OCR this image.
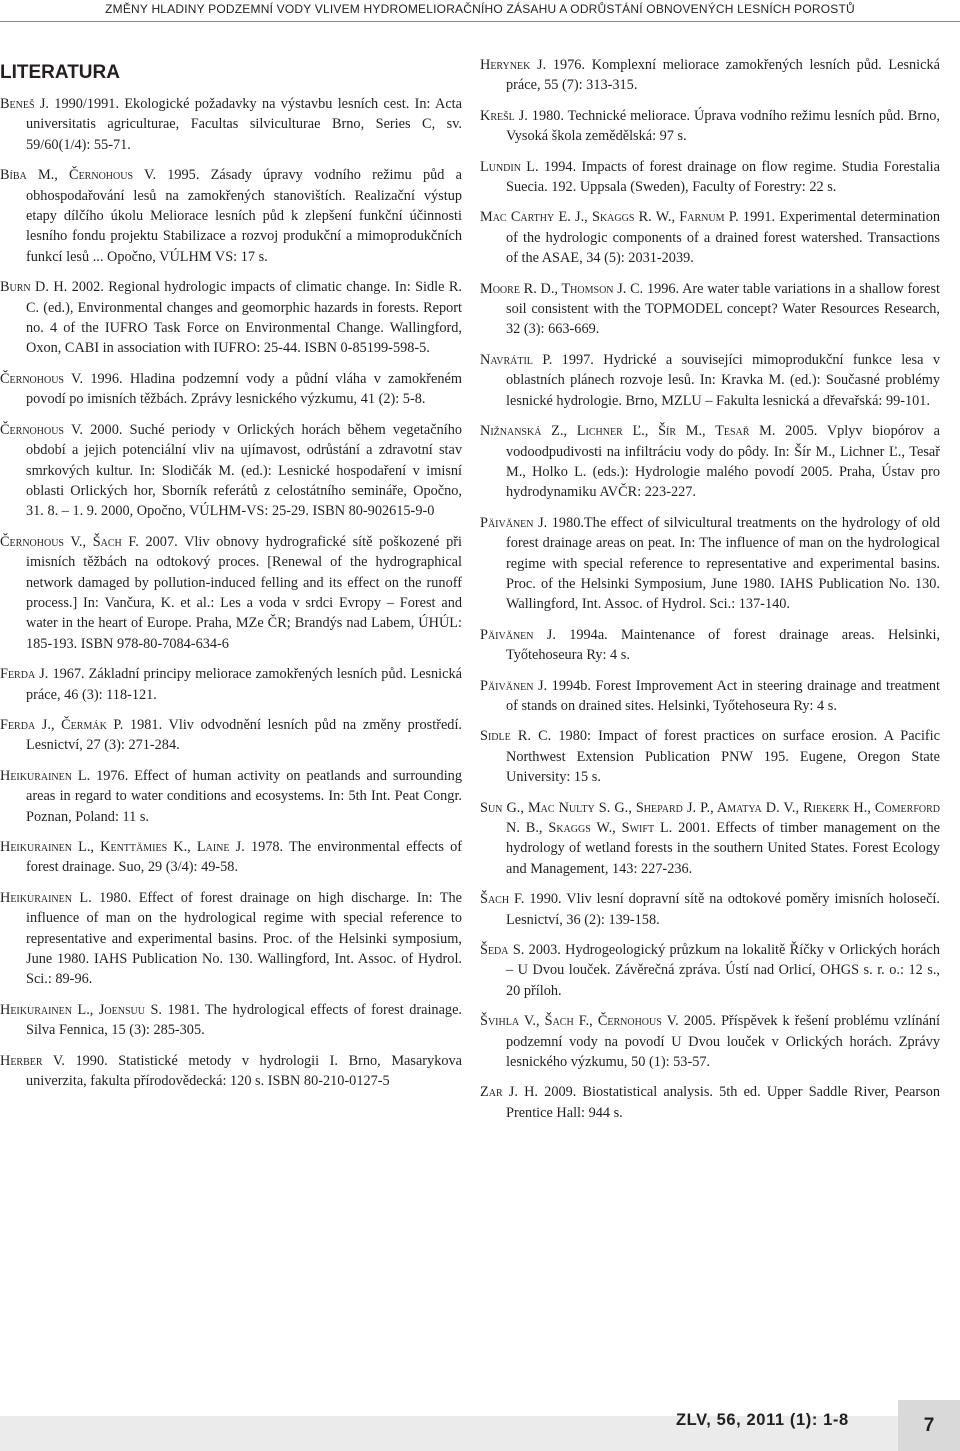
ZMĚNY HLADINY PODZEMNÍ VODY VLIVEM HYDROMELIORAČNÍHO ZÁSAHU A ODRŮSTÁNÍ OBNOVENÝCH LESNÍCH POROSTŮ
LITERATURA

Beneš J. 1990/1991. Ekologické požadavky na výstavbu lesních cest. In: Acta universitatis agriculturae, Facultas silviculturae Brno, Series C, sv. 59/60(1/4): 55-71.

Bíba M., Černohous V. 1995. Zásady úpravy vodního režimu půd a obhospodařování lesů na zamokřených stanovištích. Realizační výstup etapy dílčího úkolu Meliorace lesních půd k zlepšení funkční účinnosti lesního fondu projektu Stabilizace a rozvoj produkční a mimoprodukčních funkcí lesů ... Opočno, VÚLHM VS: 17 s.

Burn D. H. 2002. Regional hydrologic impacts of climatic change. In: Sidle R. C. (ed.), Environmental changes and geomorphic hazards in forests. Report no. 4 of the IUFRO Task Force on Environmental Change. Wallingford, Oxon, CABI in association with IUFRO: 25-44. ISBN 0-85199-598-5.

Černohous V. 1996. Hladina podzemní vody a půdní vláha v zamokřeném povodí po imisních těžbách. Zprávy lesnického výzkumu, 41 (2): 5-8.

Černohous V. 2000. Suché periody v Orlických horách během vegetačního období a jejich potenciální vliv na ujímavost, odrůstání a zdravotní stav smrkových kultur. In: Slodičák M. (ed.): Lesnické hospodaření v imisní oblasti Orlických hor, Sborník referátů z celostátního semináře, Opočno, 31. 8. – 1. 9. 2000, Opočno, VÚLHM-VS: 25-29. ISBN 80-902615-9-0

Černohous V., Šach F. 2007. Vliv obnovy hydrografické sítě poškozené při imisních těžbách na odtokový proces. [Renewal of the hydrographical network damaged by pollution-induced felling and its effect on the runoff process.] In: Vančura, K. et al.: Les a voda v srdci Evropy – Forest and water in the heart of Europe. Praha, MZe ČR; Brandýs nad Labem, ÚHÚL: 185-193. ISBN 978-80-7084-634-6

Ferda J. 1967. Základní principy meliorace zamokřených lesních půd. Lesnická práce, 46 (3): 118-121.

Ferda J., Čermák P. 1981. Vliv odvodnění lesních půd na změny prostředí. Lesnictví, 27 (3): 271-284.

Heikurainen L. 1976. Effect of human activity on peatlands and surrounding areas in regard to water conditions and ecosystems. In: 5th Int. Peat Congr. Poznan, Poland: 11 s.

Heikurainen L., Kenttämies K., Laine J. 1978. The environmental effects of forest drainage. Suo, 29 (3/4): 49-58.

Heikurainen L. 1980. Effect of forest drainage on high discharge. In: The influence of man on the hydrological regime with special reference to representative and experimental basins. Proc. of the Helsinki symposium, June 1980. IAHS Publication No. 130. Wallingford, Int. Assoc. of Hydrol. Sci.: 89-96.

Heikurainen L., Joensuu S. 1981. The hydrological effects of forest drainage. Silva Fennica, 15 (3): 285-305.

Herber V. 1990. Statistické metody v hydrologii I. Brno, Masarykova univerzita, fakulta přírodovědecká: 120 s. ISBN 80-210-0127-5

Herynek J. 1976. Komplexní meliorace zamokřených lesních půd. Lesnická práce, 55 (7): 313-315.

Krešl J. 1980. Technické meliorace. Úprava vodního režimu lesních půd. Brno, Vysoká škola zemědělská: 97 s.

Lundin L. 1994. Impacts of forest drainage on flow regime. Studia Forestalia Suecia. 192. Uppsala (Sweden), Faculty of Forestry: 22 s.

Mac Carthy E. J., Skaggs R. W., Farnum P. 1991. Experimental determination of the hydrologic components of a drained forest watershed. Transactions of the ASAE, 34 (5): 2031-2039.

Moore R. D., Thomson J. C. 1996. Are water table variations in a shallow forest soil consistent with the TOPMODEL concept? Water Resources Research, 32 (3): 663-669.

Navrátil P. 1997. Hydrické a souvisejíci mimoprodukční funkce lesa v oblastních plánech rozvoje lesů. In: Kravka M. (ed.): Současné problémy lesnické hydrologie. Brno, MZLU – Fakulta lesnická a dřevařská: 99-101.

Nižnanská Z., Lichner Ľ., Šír M., Tesař M. 2005. Vplyv biopórov a vodoodpudivosti na infiltráciu vody do pôdy. In: Šír M., Lichner Ľ., Tesař M., Holko L. (eds.): Hydrologie malého povodí 2005. Praha, Ústav pro hydrodynamiku AVČR: 223-227.

Päivänen J. 1980.The effect of silvicultural treatments on the hydrology of old forest drainage areas on peat. In: The influence of man on the hydrological regime with special reference to representative and experimental basins. Proc. of the Helsinki Symposium, June 1980. IAHS Publication No. 130. Wallingford, Int. Assoc. of Hydrol. Sci.: 137-140.

Päivänen J. 1994a. Maintenance of forest drainage areas. Helsinki, Tyőtehoseura Ry: 4 s.

Päivänen J. 1994b. Forest Improvement Act in steering drainage and treatment of stands on drained sites. Helsinki, Tyőtehoseura Ry: 4 s.

Sidle R. C. 1980: Impact of forest practices on surface erosion. A Pacific Northwest Extension Publication PNW 195. Eugene, Oregon State University: 15 s.

Sun G., Mac Nulty S. G., Shepard J. P., Amatya D. V., Riekerk H., Comerford N. B., Skaggs W., Swift L. 2001. Effects of timber management on the hydrology of wetland forests in the southern United States. Forest Ecology and Management, 143: 227-236.

Šach F. 1990. Vliv lesní dopravní sítě na odtokové poměry imisních holosečí. Lesnictví, 36 (2): 139-158.

Šeda S. 2003. Hydrogeologický průzkum na lokalitě Říčky v Orlických horách – U Dvou louček. Závěrečná zpráva. Ústí nad Orlicí, OHGS s. r. o.: 12 s., 20 příloh.

Švihla V., Šach F., Černohous V. 2005. Příspěvek k řešení problému vzlínání podzemní vody na povodí U Dvou louček v Orlických horách. Zprávy lesnického výzkumu, 50 (1): 53-57.

Zar J. H. 2009. Biostatistical analysis. 5th ed. Upper Saddle River, Pearson Prentice Hall: 944 s.

ZLV, 56, 2011 (1): 1-8	7
